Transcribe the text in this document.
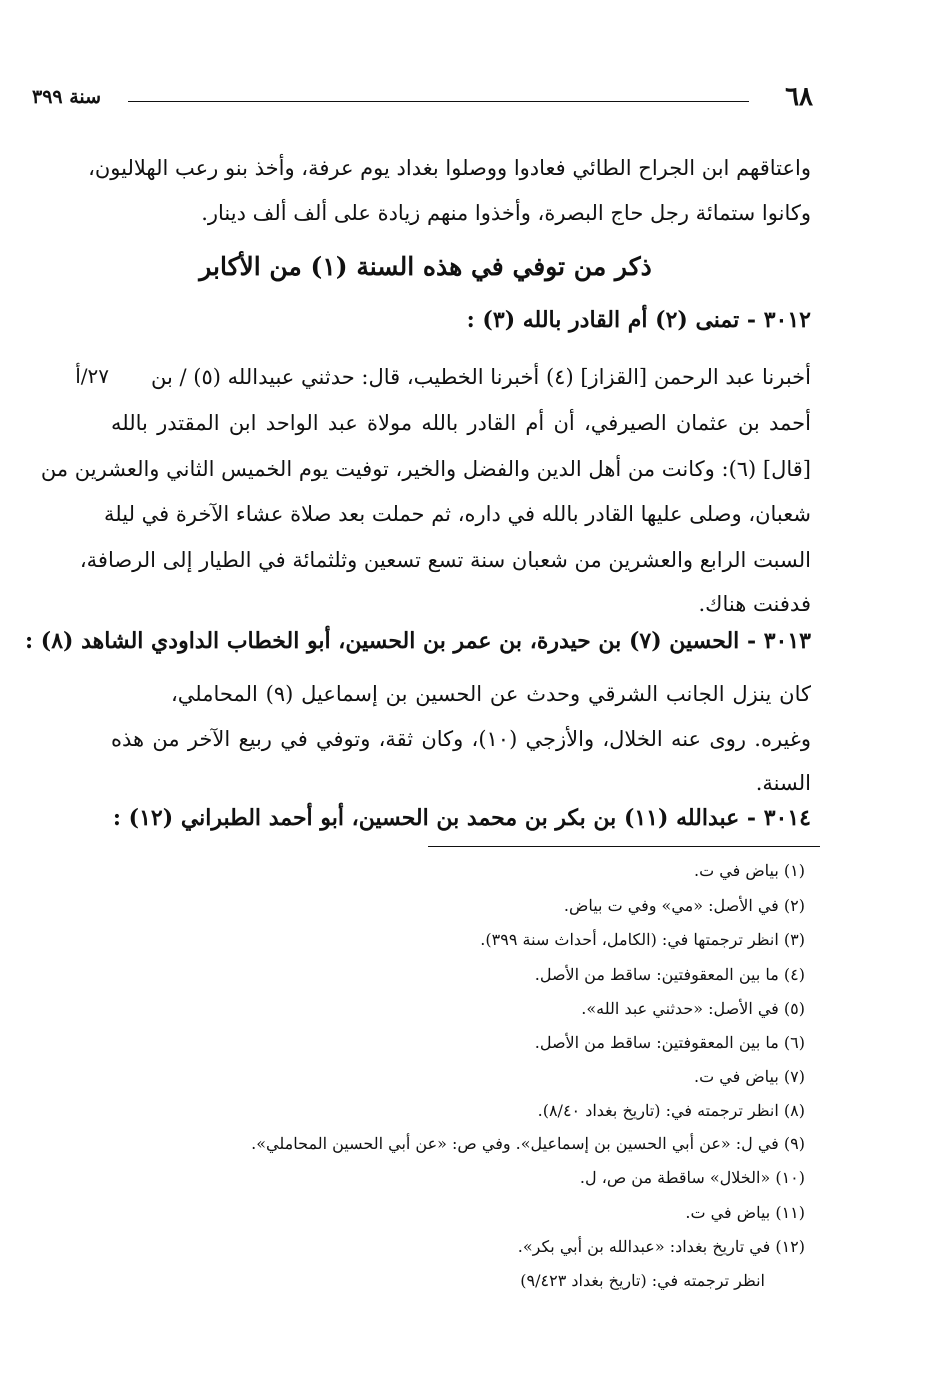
٦٨
سنة ٣٩٩
٢٧/أ
واعتاقهم ابن الجراح الطائي فعادوا ووصلوا بغداد يوم عرفة، وأخذ بنو رعب الهلاليون،
وكانوا ستمائة رجل حاج البصرة، وأخذوا منهم زيادة على ألف ألف دينار.
ذكر من توفي في هذه السنة (١) من الأكابر
٣٠١٢ - تمنى (٢) أم القادر بالله (٣) :
أخبرنا عبد الرحمن [القزاز] (٤) أخبرنا الخطيب، قال: حدثني عبيدالله (٥) / بن
أحمد بن عثمان الصيرفي، أن أم القادر بالله مولاة عبد الواحد ابن المقتدر بالله
[قال] (٦): وكانت من أهل الدين والفضل والخير، توفيت يوم الخميس الثاني والعشرين من
شعبان، وصلى عليها القادر بالله في داره، ثم حملت بعد صلاة عشاء الآخرة في ليلة
السبت الرابع والعشرين من شعبان سنة تسع تسعين وثلثمائة في الطيار إلى الرصافة،
فدفنت هناك.
٣٠١٣ - الحسين (٧) بن حيدرة، بن عمر بن الحسين، أبو الخطاب الداودي الشاهد (٨) :
كان ينزل الجانب الشرقي وحدث عن الحسين بن إسماعيل (٩) المحاملي،
وغيره. روى عنه الخلال، والأزجي (١٠)، وكان ثقة، وتوفي في ربيع الآخر من هذه
السنة.
٣٠١٤ - عبدالله (١١) بن بكر بن محمد بن الحسين، أبو أحمد الطبراني (١٢) :
(١) بياض في ت.
(٢) في الأصل: «مي» وفي ت بياض.
(٣) انظر ترجمتها في: (الكامل، أحداث سنة ٣٩٩).
(٤) ما بين المعقوفتين: ساقط من الأصل.
(٥) في الأصل: «حدثني عبد الله».
(٦) ما بين المعقوفتين: ساقط من الأصل.
(٧) بياض في ت.
(٨) انظر ترجمته في: (تاريخ بغداد ٨/٤٠).
(٩) في ل: «عن أبي الحسين بن إسماعيل». وفي ص: «عن أبي الحسين المحاملي».
(١٠) «الخلال» ساقطة من ص، ل.
(١١) بياض في ت.
(١٢) في تاريخ بغداد: «عبدالله بن أبي بكر».
انظر ترجمته في: (تاريخ بغداد ٩/٤٢٣)
